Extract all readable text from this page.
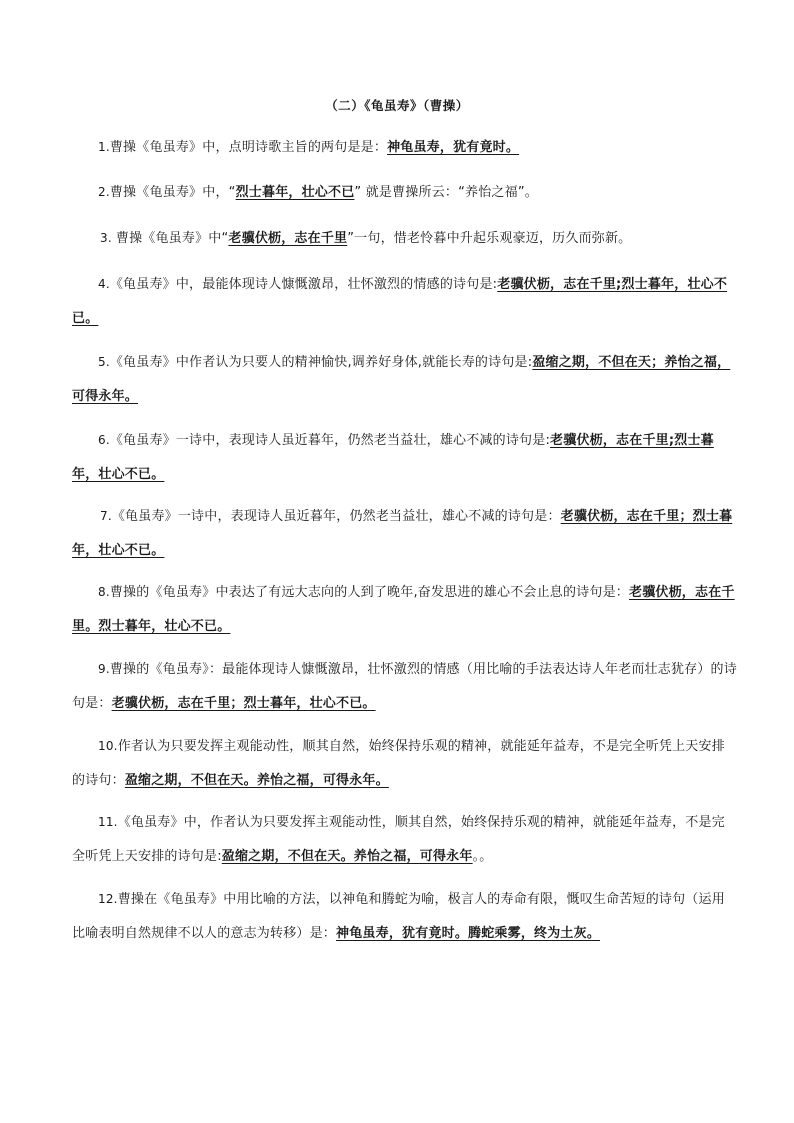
（二）《龟虽寿》（曹操）
1.曹操《龟虽寿》中，点明诗歌主旨的两句是是：神龟虽寿，犹有竟时。
2.曹操《龟虽寿》中，“烈士暮年，壮心不已” 就是曹操所云：“养怡之福”。
3. 曹操《龟虽寿》中“老骥伏枥，志在千里”一句，惜老怜暮中升起乐观豪迈，历久而弥新。
4.《龟虽寿》中，最能体现诗人慷慨激昂，壮怀激烈的情感的诗句是:老骥伏枥，志在千里;烈士暮年，壮心不已。
5.《龟虽寿》中作者认为只要人的精神愉快,调养好身体,就能长寿的诗句是:盈缩之期，不但在天；养怡之福，可得永年。
6.《龟虽寿》一诗中，表现诗人虽近暮年，仍然老当益壮，雄心不减的诗句是:老骥伏枥，志在千里;烈士暮年，壮心不已。
7.《龟虽寿》一诗中，表现诗人虽近暮年，仍然老当益壮，雄心不减的诗句是：老骥伏枥，志在千里；烈士暮年，壮心不已。
8.曹操的《龟虽寿》中表达了有远大志向的人到了晚年,奋发思进的雄心不会止息的诗句是：老骥伏枥，志在千里。烈士暮年，壮心不已。
9.曹操的《龟虽寿》：最能体现诗人慷慨激昂，壮怀激烈的情感（用比喻的手法表达诗人年老而壮志犹存）的诗句是：老骥伏枥，志在千里；烈士暮年，壮心不已。
10.作者认为只要发挥主观能动性，顺其自然，始终保持乐观的精神，就能延年益寿，不是完全听凭上天安排的诗句：盈缩之期，不但在天。养怡之福，可得永年。
11.《龟虽寿》中，作者认为只要发挥主观能动性，顺其自然，始终保持乐观的精神，就能延年益寿，不是完全听凭上天安排的诗句是:盈缩之期，不但在天。养怡之福，可得永年。。
12.曹操在《龟虽寿》中用比喻的方法，以神龟和腾蛇为喻，极言人的寿命有限，慨叹生命苦短的诗句（运用比喻表明自然规律不以人的意志为转移）是：神龟虽寿，犹有竟时。腾蛇乘雾，终为土灰。
